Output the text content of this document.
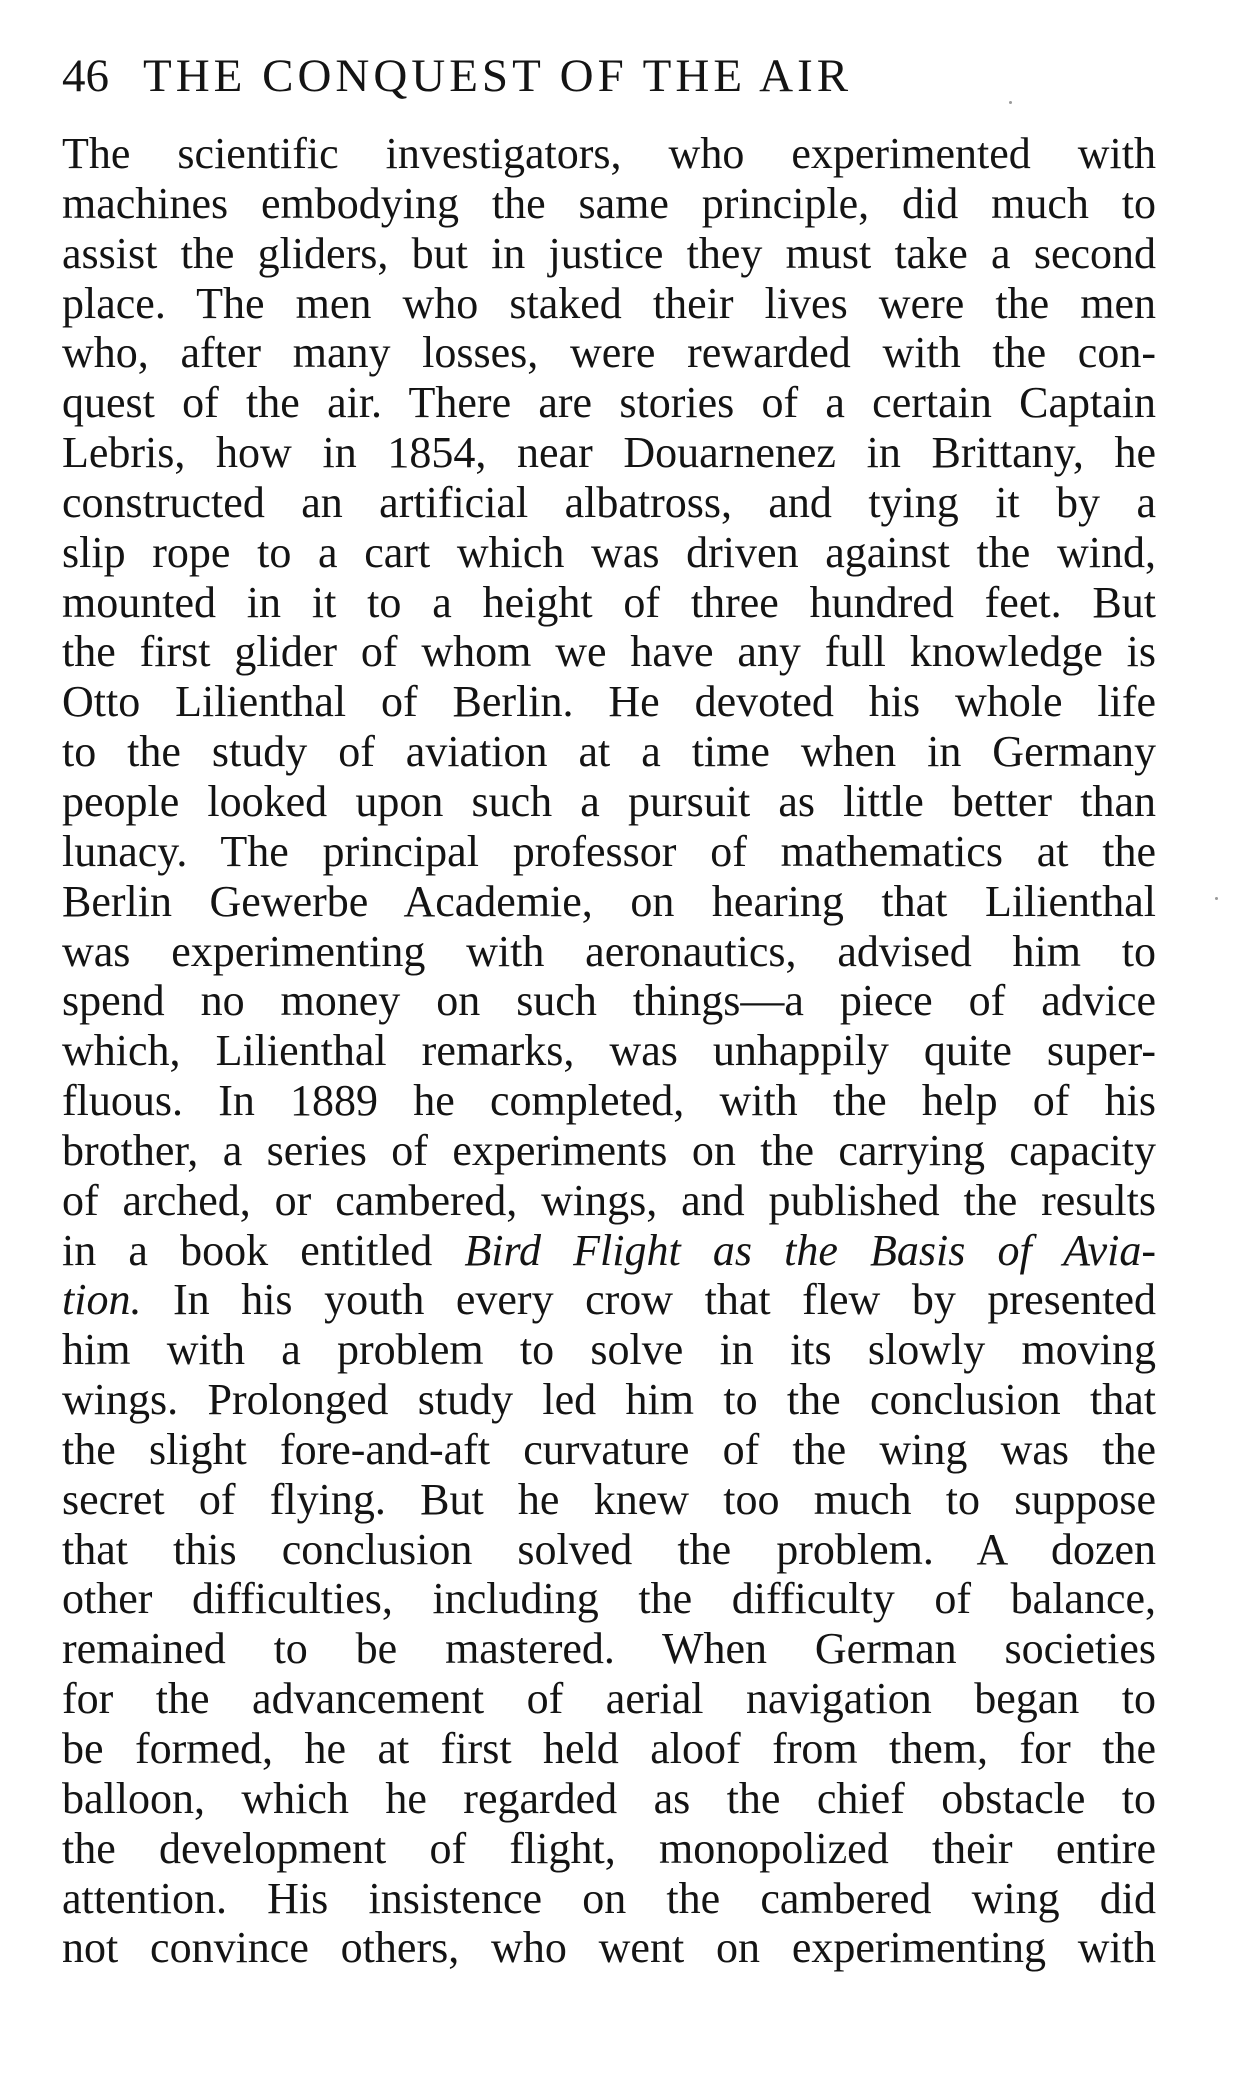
46 THE CONQUEST OF THE AIR
The scientific investigators, who experimented with
machines embodying the same principle, did much to
assist the gliders, but in justice they must take a second
place. The men who staked their lives were the men
who, after many losses, were rewarded with the con-
quest of the air. There are stories of a certain Captain
Lebris, how in 1854, near Douarnenez in Brittany, he
constructed an artificial albatross, and tying it by a
slip rope to a cart which was driven against the wind,
mounted in it to a height of three hundred feet. But
the first glider of whom we have any full knowledge is
Otto Lilienthal of Berlin. He devoted his whole life
to the study of aviation at a time when in Germany
people looked upon such a pursuit as little better than
lunacy. The principal professor of mathematics at the
Berlin Gewerbe Academie, on hearing that Lilienthal
was experimenting with aeronautics, advised him to
spend no money on such things—a piece of advice
which, Lilienthal remarks, was unhappily quite super-
fluous. In 1889 he completed, with the help of his
brother, a series of experiments on the carrying capacity
of arched, or cambered, wings, and published the results
in a book entitled Bird Flight as the Basis of Avia-
tion. In his youth every crow that flew by presented
him with a problem to solve in its slowly moving
wings. Prolonged study led him to the conclusion that
the slight fore-and-aft curvature of the wing was the
secret of flying. But he knew too much to suppose
that this conclusion solved the problem. A dozen
other difficulties, including the difficulty of balance,
remained to be mastered. When German societies
for the advancement of aerial navigation began to
be formed, he at first held aloof from them, for the
balloon, which he regarded as the chief obstacle to
the development of flight, monopolized their entire
attention. His insistence on the cambered wing did
not convince others, who went on experimenting with
